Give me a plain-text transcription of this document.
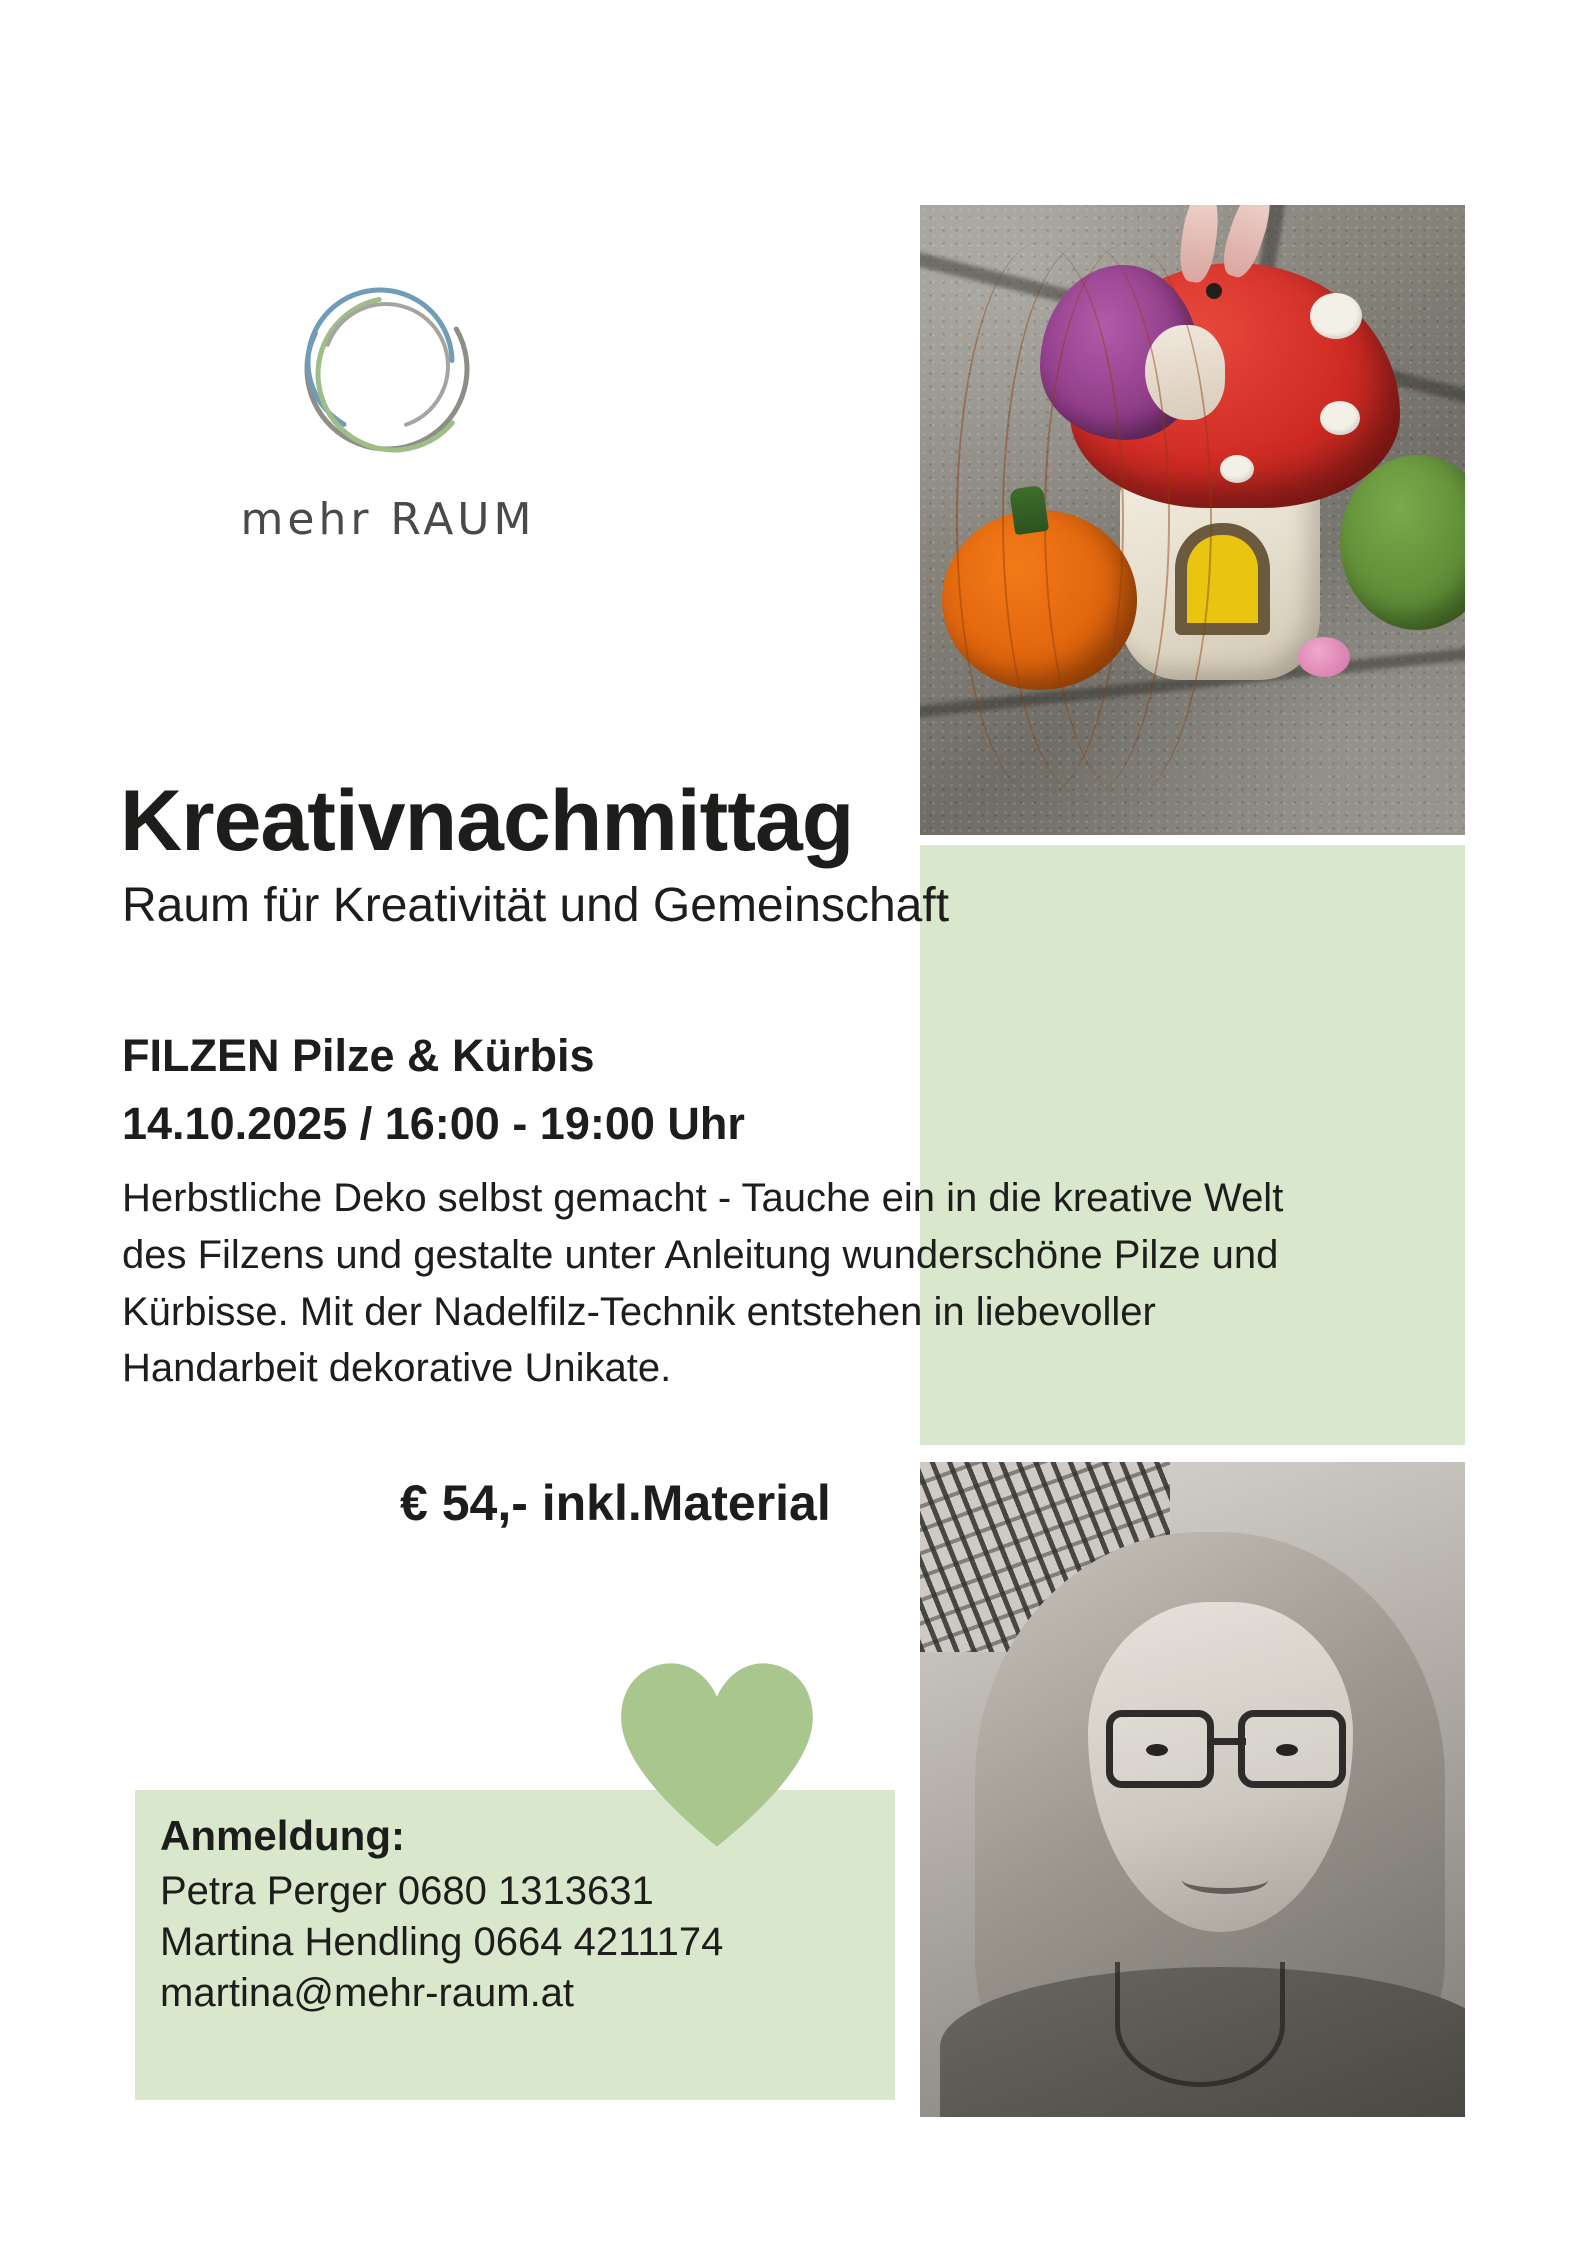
mehr RAUM
Kreativnachmittag
Raum für Kreativität und Gemeinschaft
FILZEN Pilze & Kürbis
14.10.2025 / 16:00 - 19:00 Uhr
Herbstliche Deko selbst gemacht - Tauche ein in die kreative Welt des Filzens und gestalte unter Anleitung wunderschöne Pilze und Kürbisse. Mit der Nadelfilz-Technik entstehen in liebevoller Handarbeit dekorative Unikate.
€ 54,- inkl.Material
Anmeldung:
Petra Perger 0680 1313631
Martina Hendling 0664 4211174
martina@mehr-raum.at
